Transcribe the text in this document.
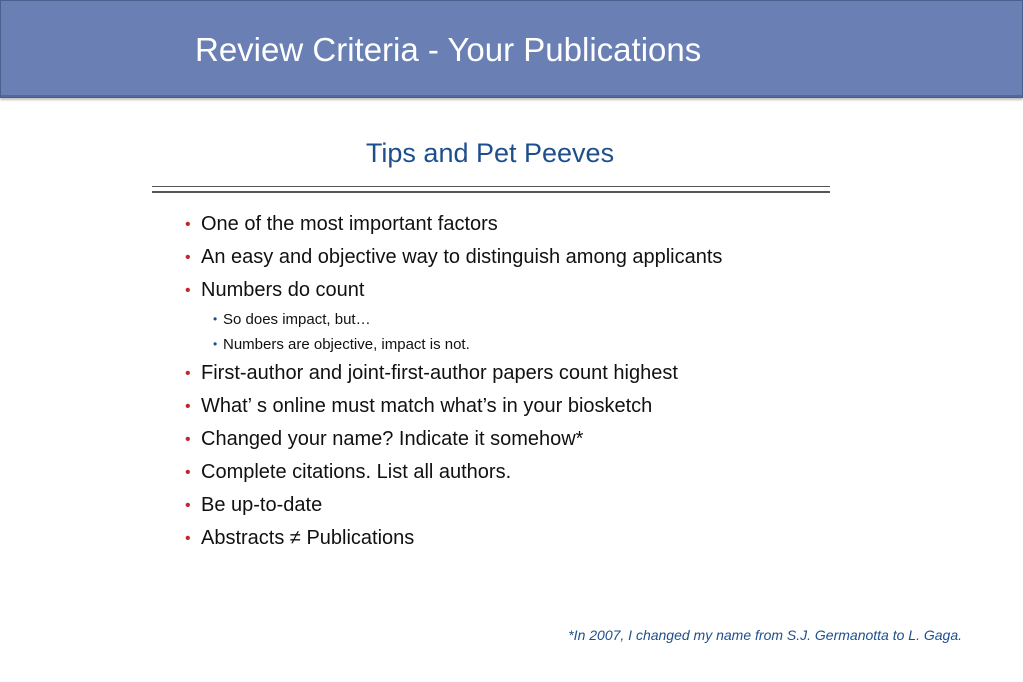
Review Criteria - Your Publications
Tips and Pet Peeves
• One of the most important factors
• An easy and objective way to distinguish among applicants
• Numbers do count
• So does impact, but…
• Numbers are objective, impact is not.
• First-author and joint-first-author papers count highest
• What’ s online must match what’s in your biosketch
• Changed your name? Indicate it somehow*
• Complete citations. List all authors.
• Be up-to-date
• Abstracts ≠ Publications
*In 2007, I changed my name from S.J. Germanotta to L. Gaga.
